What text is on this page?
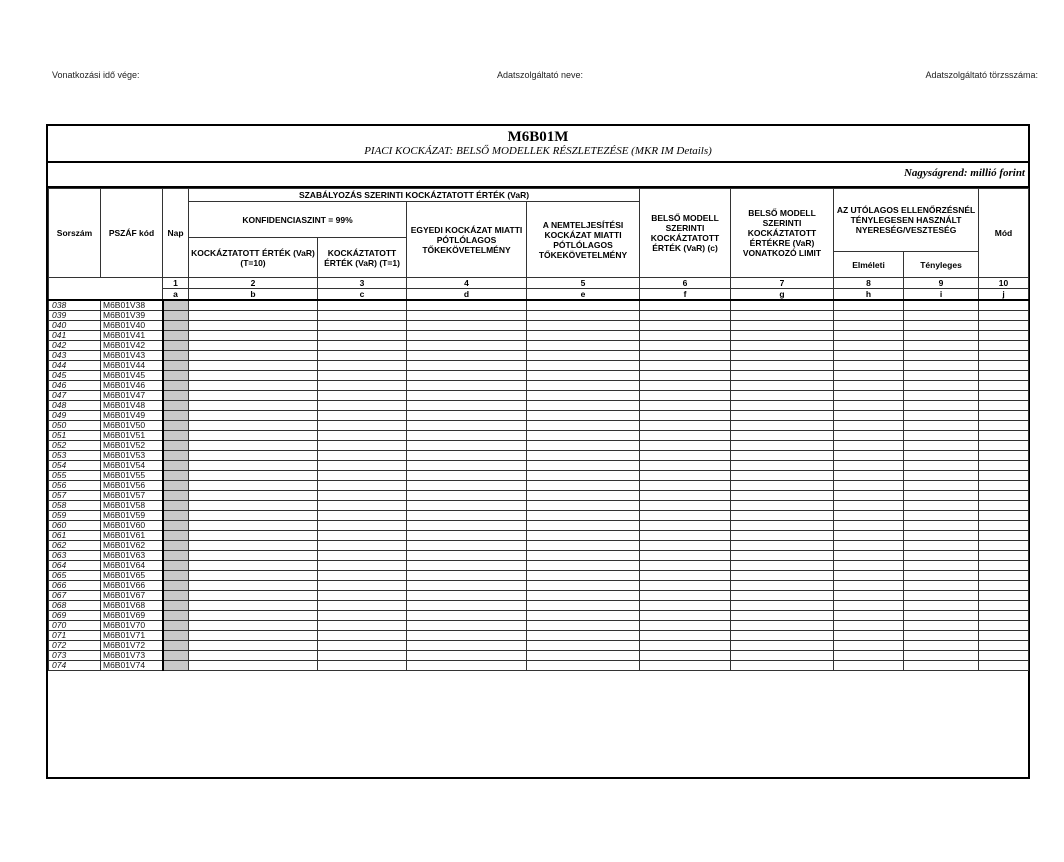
Vonatkozási idő vége:	Adatszolgáltató neve:	Adatszolgáltató törzsszáma:
M6B01M
PIACI KOCKÁZAT: BELSŐ MODELLEK RÉSZLETEZÉSE (MKR IM Details)
Nagyságrend: millió forint
Sorszám	PSZÁF kód	Nap	SZABÁLYOZÁS SZERINTI KOCKÁZTATOTT ÉRTÉK (VaR)				BELSŐ MODELL SZERINTI KOCKÁZTATOTT ÉRTÉK (VaR) (c)	BELSŐ MODELL SZERINTI KOCKÁZTATOTT ÉRTÉKRE (VaR) VONATKOZÓ LIMIT	AZ UTÓLAGOS ELLENŐRZÉSNÉL TÉNYLEGESEN HASZNÁLT NYERESÉG/VESZTESÉG		Mód
			KONFIDENCIASZINT = 99%		EGYEDI KOCKÁZAT MIATTI PÓTLÓLAGOS TŐKEKÖVETELMÉNY	A NEMTELJESÍTÉSI KOCKÁZAT MIATTI PÓTLÓLAGOS TŐKEKÖVETELMÉNY					
			KOCKÁZTATOTT ÉRTÉK (VaR) (T=10)	KOCKÁZTATOTT ÉRTÉK (VaR) (T=1)							
									Elméleti	Tényleges	
		1	2	3	4	5	6	7	8	9	10
		a	b	c	d	e	f	g	h	i	j
038	M6B01V38										
039	M6B01V39										
040	M6B01V40										
041	M6B01V41										
042	M6B01V42										
043	M6B01V43										
044	M6B01V44										
045	M6B01V45										
046	M6B01V46										
047	M6B01V47										
048	M6B01V48										
049	M6B01V49										
050	M6B01V50										
051	M6B01V51										
052	M6B01V52										
053	M6B01V53										
054	M6B01V54										
055	M6B01V55										
056	M6B01V56										
057	M6B01V57										
058	M6B01V58										
059	M6B01V59										
060	M6B01V60										
061	M6B01V61										
062	M6B01V62										
063	M6B01V63										
064	M6B01V64										
065	M6B01V65										
066	M6B01V66										
067	M6B01V67										
068	M6B01V68										
069	M6B01V69										
070	M6B01V70										
071	M6B01V71										
072	M6B01V72										
073	M6B01V73										
074	M6B01V74										
